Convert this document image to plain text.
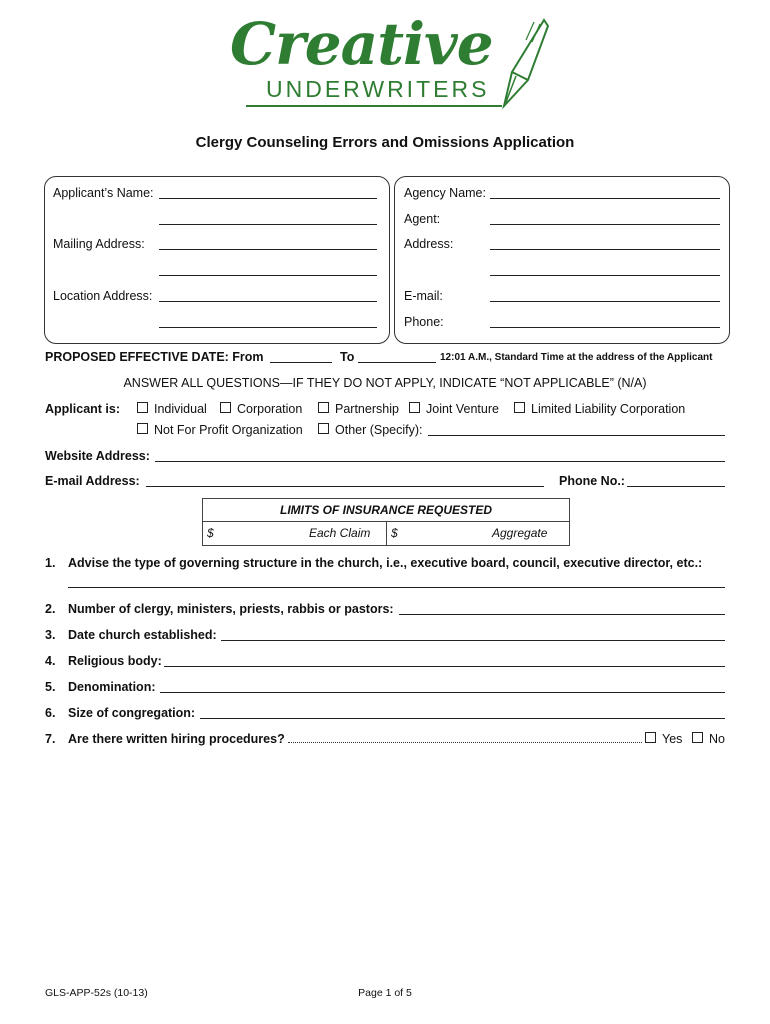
Creative
UNDERWRITERS
Clergy Counseling Errors and Omissions Application
Applicant’s Name:
Mailing Address:
Location Address:
Agency Name:
Agent:
Address:
E-mail:
Phone:
PROPOSED EFFECTIVE DATE: From	To	12:01 A.M., Standard Time at the address of the Applicant
ANSWER ALL QUESTIONS—IF THEY DO NOT APPLY, INDICATE “NOT APPLICABLE” (N/A)
Applicant is:	Individual Corporation	Partnership Joint Venture	Limited Liability Corporation
Not For Profit Organization	Other (Specify):
Website Address:
E-mail Address:	Phone No.:
LIMITS OF INSURANCE REQUESTED
$	Each Claim $	Aggregate
1. Advise the type of governing structure in the church, i.e., executive board, council, executive director, etc.:
2. Number of clergy, ministers, priests, rabbis or pastors:
3. Date church established:
4. Religious body:
5. Denomination:
6. Size of congregation:
7. Are there written hiring procedures?	Yes No
GLS-APP-52s (10-13)	Page 1 of 5
